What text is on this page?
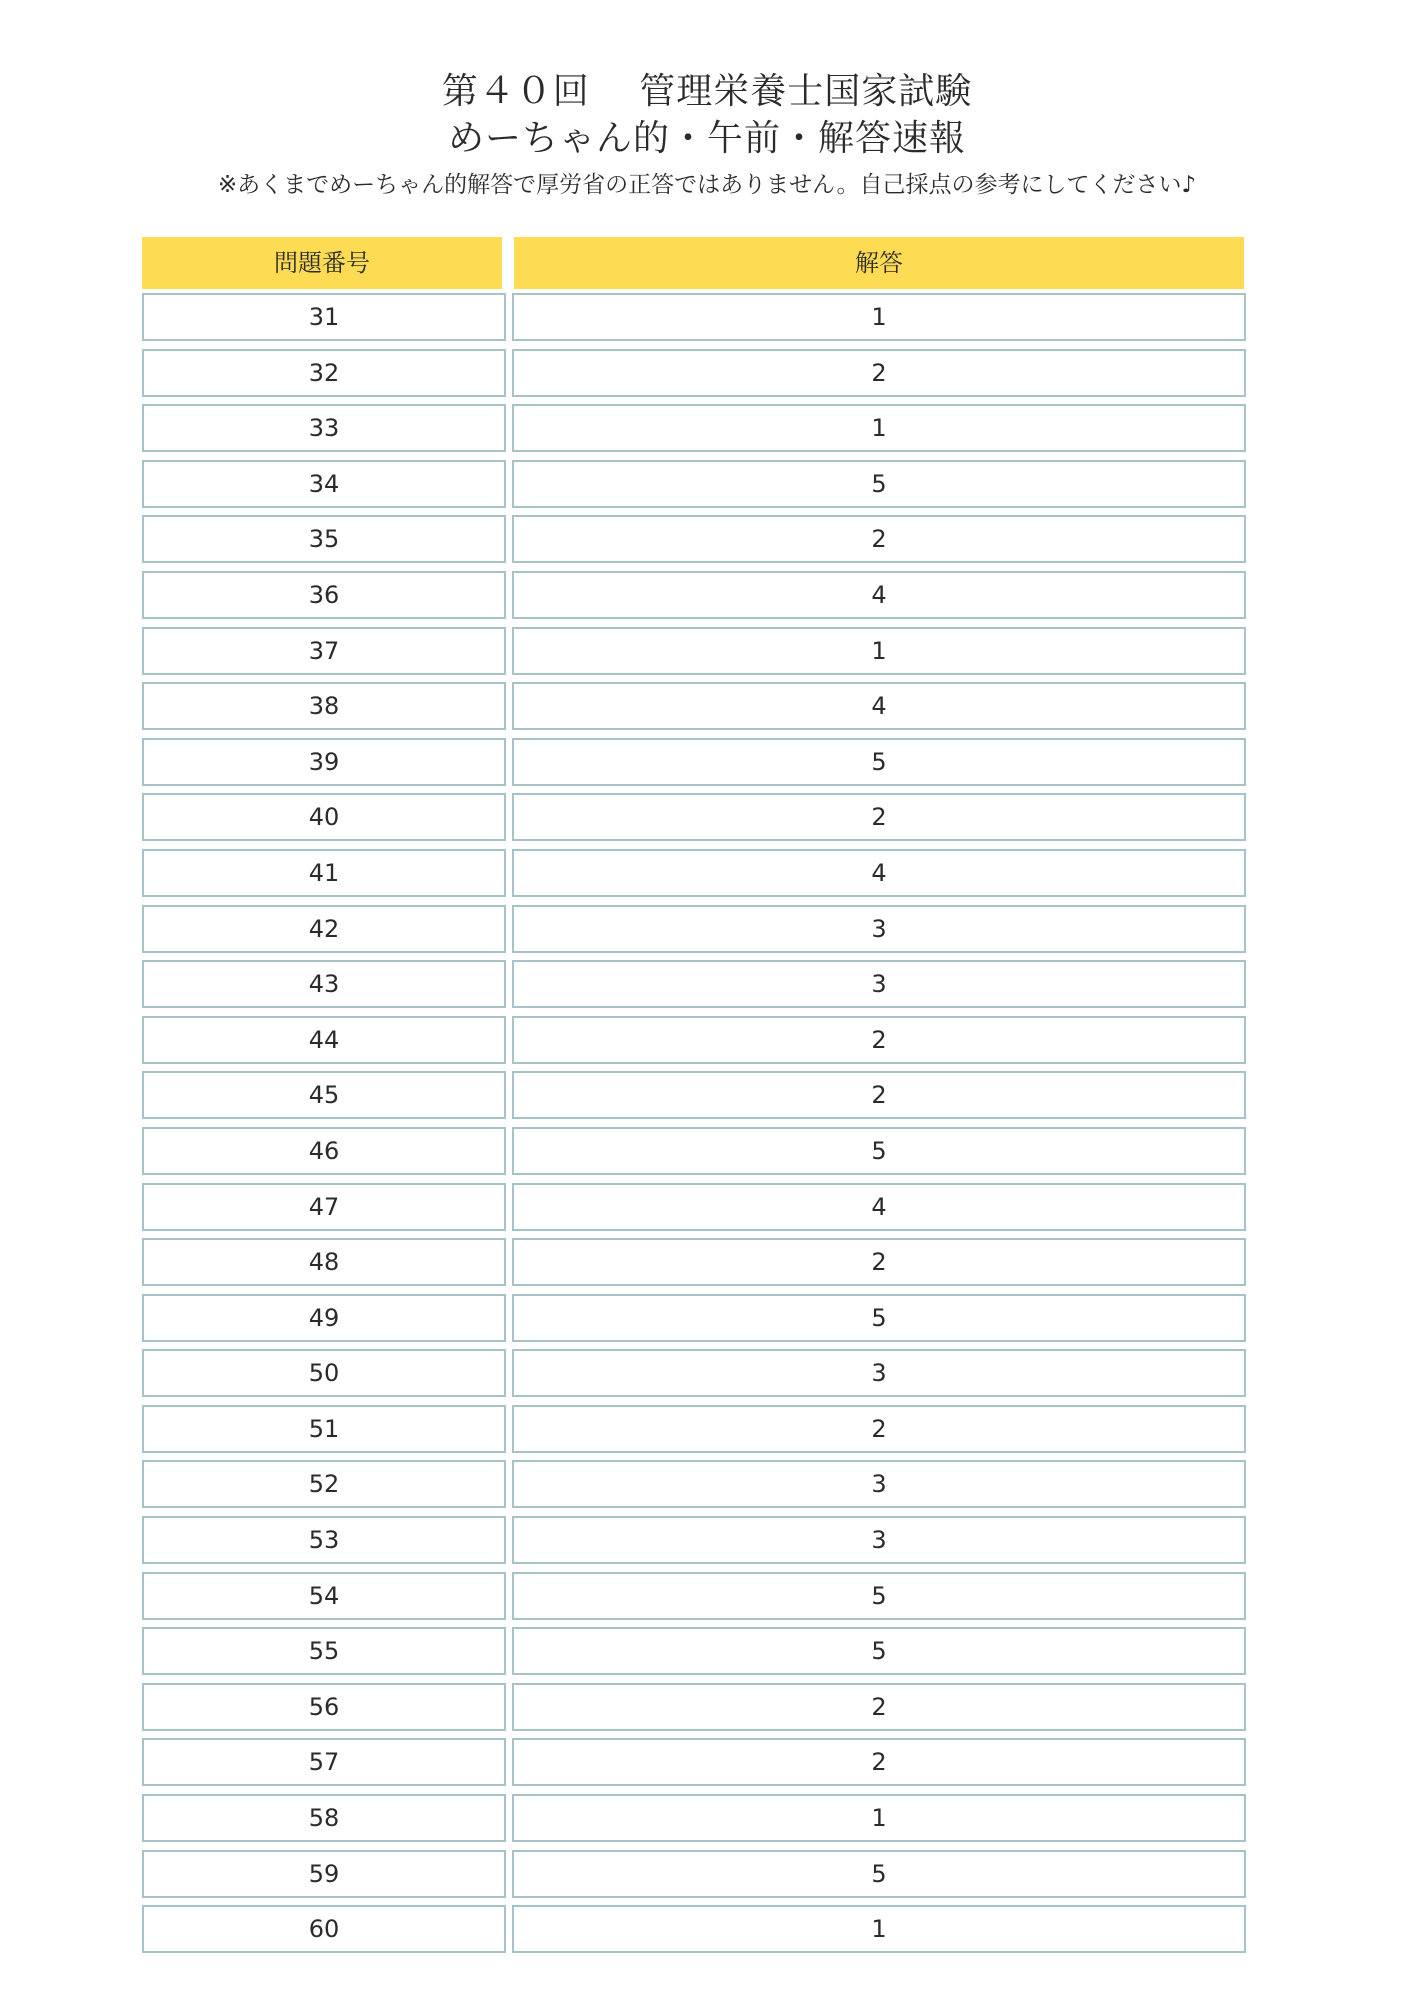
第４０回　 管理栄養士国家試験
めーちゃん的・午前・解答速報
※あくまでめーちゃん的解答で厚労省の正答ではありません。自己採点の参考にしてください♪
問題番号	解答
31	1
32	2
33	1
34	5
35	2
36	4
37	1
38	4
39	5
40	2
41	4
42	3
43	3
44	2
45	2
46	5
47	4
48	2
49	5
50	3
51	2
52	3
53	3
54	5
55	5
56	2
57	2
58	1
59	5
60	1
